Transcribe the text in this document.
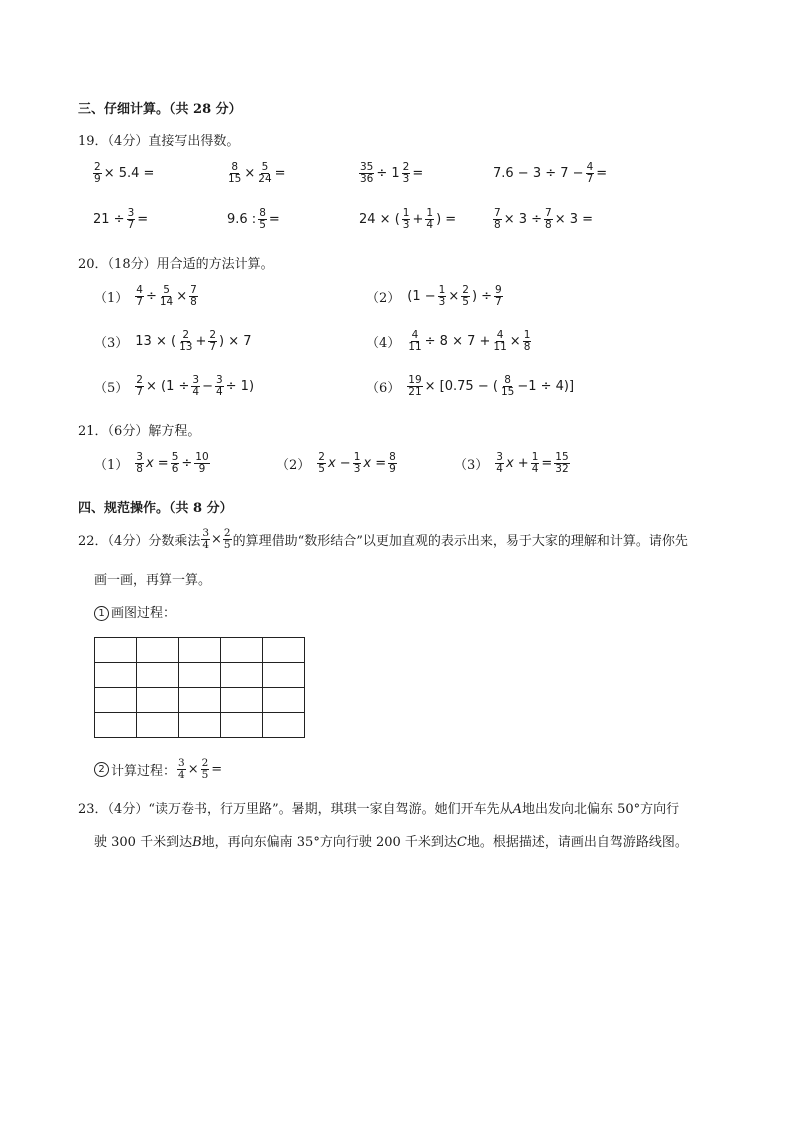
三、仔细计算。（共 28 分）
19．（4分）直接写出得数。
$\frac{2}{9} \times 5.4$ =	$\frac{8}{15} \times \frac{5}{24}$ =	$\frac{35}{36} \div 1 \frac{2}{3}$ =	$7.6 - 3 \div 7 - \frac{4}{7}$ =
$21 \div \frac{3}{7}$ =	9.6 : $\frac{8}{5}$ =	24 × ( $\frac{1}{3} + \frac{1}{4}$ ) =	$\frac{7}{8} \times 3 \div \frac{7}{8} \times 3$ =
20．（18分）用合适的方法计算。
$(1) \frac{4}{7} \div \frac{5}{14} \times \frac{7}{8}$	（2） ($1 - \frac{1}{3} \times \frac{2}{5}$ ) ÷ $\frac{9}{7}$
（3） 13 × ( $\frac{2}{13} + \frac{2}{7}$ ) × 7	$(4) \frac{4}{11} \div 8 \times 7 + \frac{4}{11} \times \frac{1}{8}$
$(5) \frac{2}{7} \times (1 \div \frac{3}{4} - \frac{3}{4} \div 1)$	$(6) \frac{19}{21} \times [0.75$ − ( $\frac{8}{15} -1 \div 4$)]
21．（6分）解方程。
$(1) \frac{3}{8}$ $x = \frac{5}{6} \div \frac{10}{9}$	$(2) \frac{2}{5}$ $x - \frac{1}{3}$ $x = \frac{8}{9}$	$(3) \frac{3}{4}$ $x + \frac{1}{4} = \frac{15}{32}$
四、规范操作。（共 8 分）
22．（4分）分数乘法 $\frac{3}{4} \times \frac{2}{5}$ 的算理借助“数形结合”以更加直观的表示出来，易于大家的理解和计算。请你先
画一画，再算一算。
1 画图过程：

2 计算过程： $\frac{3}{4} \times \frac{2}{5}$ =
23．（4分）“读万卷书，行万里路”。暑期，琪琪一家自驾游。她们开车先从A地出发向北偏东 50°方向行
驶 300 千米到达B地，再向东偏南 35°方向行驶 200 千米到达C地。根据描述，请画出自驾游路线图。
